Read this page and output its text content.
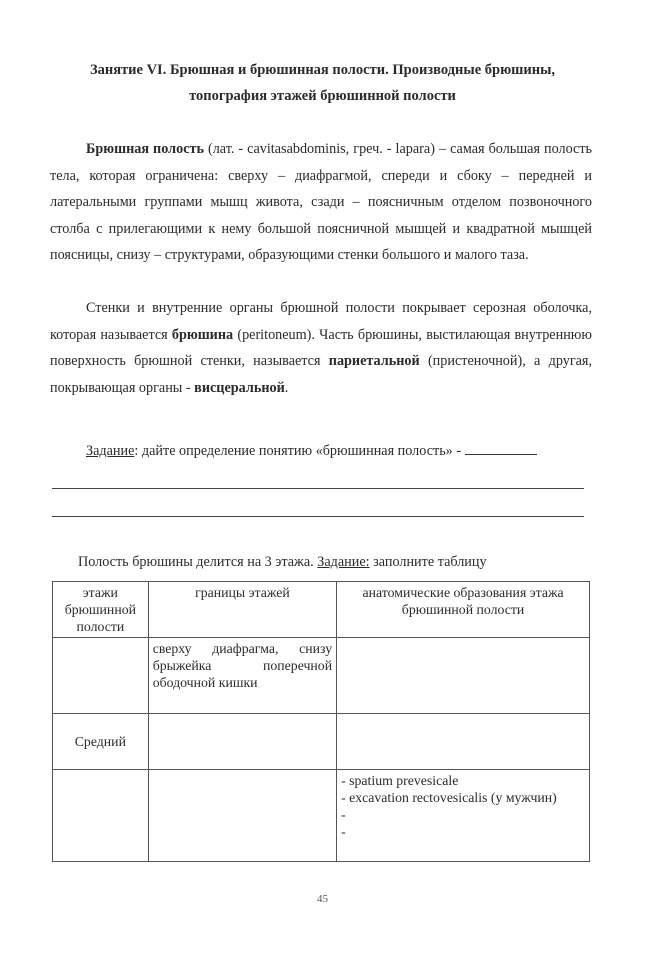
Занятие VI. Брюшная и брюшинная полости. Производные брюшины,
топография этажей брюшинной полости
Брюшная полость (лат. - cavitasabdominis, греч. - lapara) – самая большая полость тела, которая ограничена: сверху – диафрагмой, спереди и сбоку – передней и латеральными группами мышц живота, сзади – поясничным отделом позвоночного столба с прилегающими к нему большой поясничной мышцей и квадратной мышцей поясницы, снизу – структурами, образующими стенки большого и малого таза.
Стенки и внутренние органы брюшной полости покрывает серозная оболочка, которая называется брюшина (peritoneum). Часть брюшины, выстилающая внутреннюю поверхность брюшной стенки, называется париетальной (пристеночной), а другая, покрывающая органы - висцеральной.
Задание: дайте определение понятию «брюшинная полость» -
Полость брюшины делится на 3 этажа. Задание: заполните таблицу
этажи брюшинной полости	границы этажей	анатомические образования этажа брюшинной полости
	сверху диафрагма, снизу брыжейка поперечной ободочной кишки	
Средний		

		- spatium prevesicale
- excavation rectovesicalis (у мужчин)
-
-
45
